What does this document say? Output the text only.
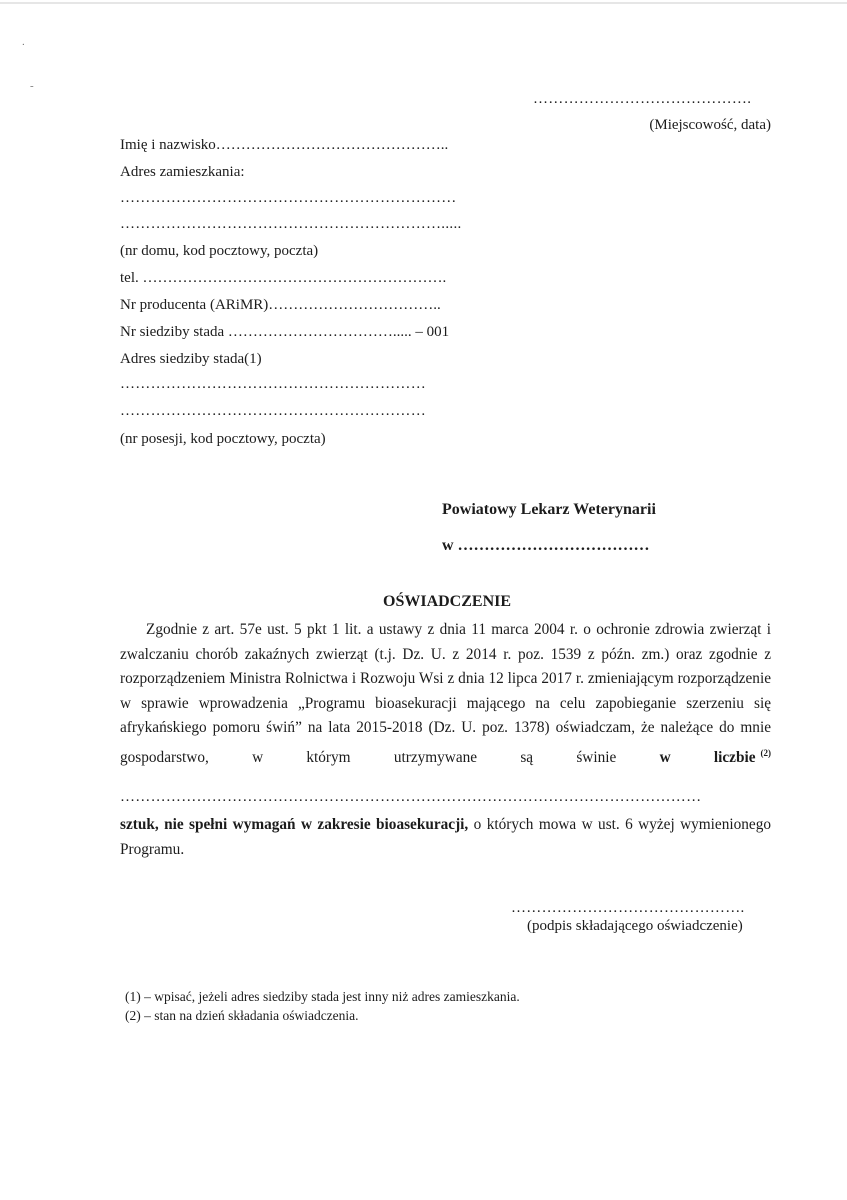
.
-
…………………………………….
(Miejscowość, data)
Imię i nazwisko………………………………………..
Adres zamieszkania:
…………………………………………………………
……………………………………………………….....
(nr domu, kod pocztowy, poczta)
tel. …………………………………………………….
Nr producenta (ARiMR)……………………………..
Nr siedziby stada ……………………………..... – 001
Adres siedziby stada(1)
……………………………………………………
……………………………………………………
(nr posesji, kod pocztowy, poczta)
Powiatowy Lekarz Weterynarii
w ………………………………
OŚWIADCZENIE

Zgodnie z art. 57e ust. 5 pkt 1 lit. a ustawy z dnia 11 marca 2004 r. o ochronie zdrowia zwierząt i zwalczaniu chorób zakaźnych zwierząt (t.j. Dz. U. z 2014 r. poz. 1539 z późn. zm.) oraz zgodnie z rozporządzeniem Ministra Rolnictwa i Rozwoju Wsi z dnia 12 lipca 2017 r. zmieniającym rozporządzenie w sprawie wprowadzenia „Programu bioasekuracji mającego na celu zapobieganie szerzeniu się afrykańskiego pomoru świń” na lata 2015-2018 (Dz. U. poz. 1378) oświadczam, że należące do mnie gospodarstwo, w którym utrzymywane są świnie	w liczbie $^{(2)}$

……………………………………………………………………………………………………

sztuk, nie spełni wymagań w zakresie bioasekuracji, o których mowa w ust. 6 wyżej wymienionego Programu.

……………………………………….
(podpis składającego oświadczenie)
(1) – wpisać, jeżeli adres siedziby stada jest inny niż adres zamieszkania.
(2) – stan na dzień składania oświadczenia.
